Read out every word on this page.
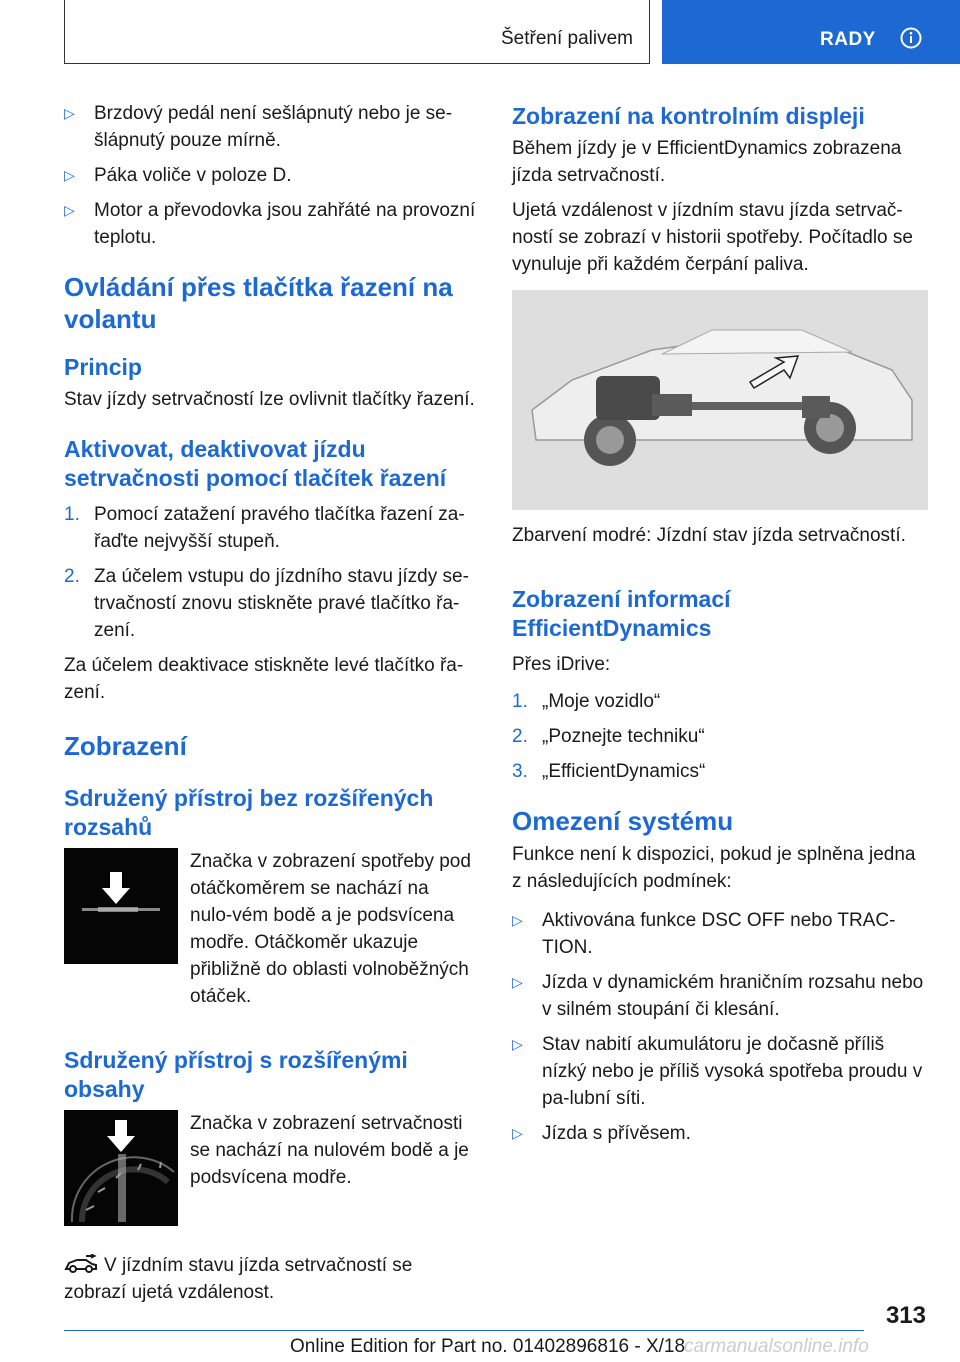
Šetření palivem	RADY
▷ Brzdový pedál není sešlápnutý nebo je se‐šlápnutý pouze mírně.
▷ Páka voliče v poloze D.
▷ Motor a převodovka jsou zahřáté na provozní teplotu.
Ovládání přes tlačítka řazení na volantu
Princip

Stav jízdy setrvačností lze ovlivnit tlačítky řazení.

Aktivovat, deaktivovat jízdu setrvačnosti pomocí tlačítek řazení
1. Pomocí zatažení pravého tlačítka řazení za‐řaďte nejvyšší stupeň.
2. Za účelem vstupu do jízdního stavu jízdy se‐trvačností znovu stiskněte pravé tlačítko řa‐zení.

Za účelem deaktivace stiskněte levé tlačítko řa‐zení.

Zobrazení
Sdružený přístroj bez rozšířených rozsahů

Značka v zobrazení spotřeby pod otáčkoměrem se nachází na nulo‐vém bodě a je podsvícena modře. Otáčkoměr ukazuje přibližně do oblasti volnoběžných otáček.

Sdružený přístroj s rozšířenými obsahy

Značka v zobrazení setrvačnosti se nachází na nulovém bodě a je podsvícena modře.

V jízdním stavu jízda setrvačností se zobrazí ujetá vzdálenost.

Zobrazení na kontrolním displeji

Během jízdy je v EfficientDynamics zobrazena jízda setrvačností.

Ujetá vzdálenost v jízdním stavu jízda setrvač‐ností se zobrazí v historii spotřeby. Počítadlo se vynuluje při každém čerpání paliva.

Zbarvení modré: Jízdní stav jízda setrvačností.

Zobrazení informací EfficientDynamics

Přes iDrive:

1. „Moje vozidlo“
2. „Poznejte techniku“
3. „EfficientDynamics“
Omezení systému

Funkce není k dispozici, pokud je splněna jedna z následujících podmínek:

▷ Aktivována funkce DSC OFF nebo TRAC‐TION.
▷ Jízda v dynamickém hraničním rozsahu nebo v silném stoupání či klesání.
▷ Stav nabití akumulátoru je dočasně příliš nízký nebo je příliš vysoká spotřeba proudu v pa‐lubní síti.
▷ Jízda s přívěsem.
313
Online Edition for Part no. 01402896816 - X/18
carmanualsonline.info
